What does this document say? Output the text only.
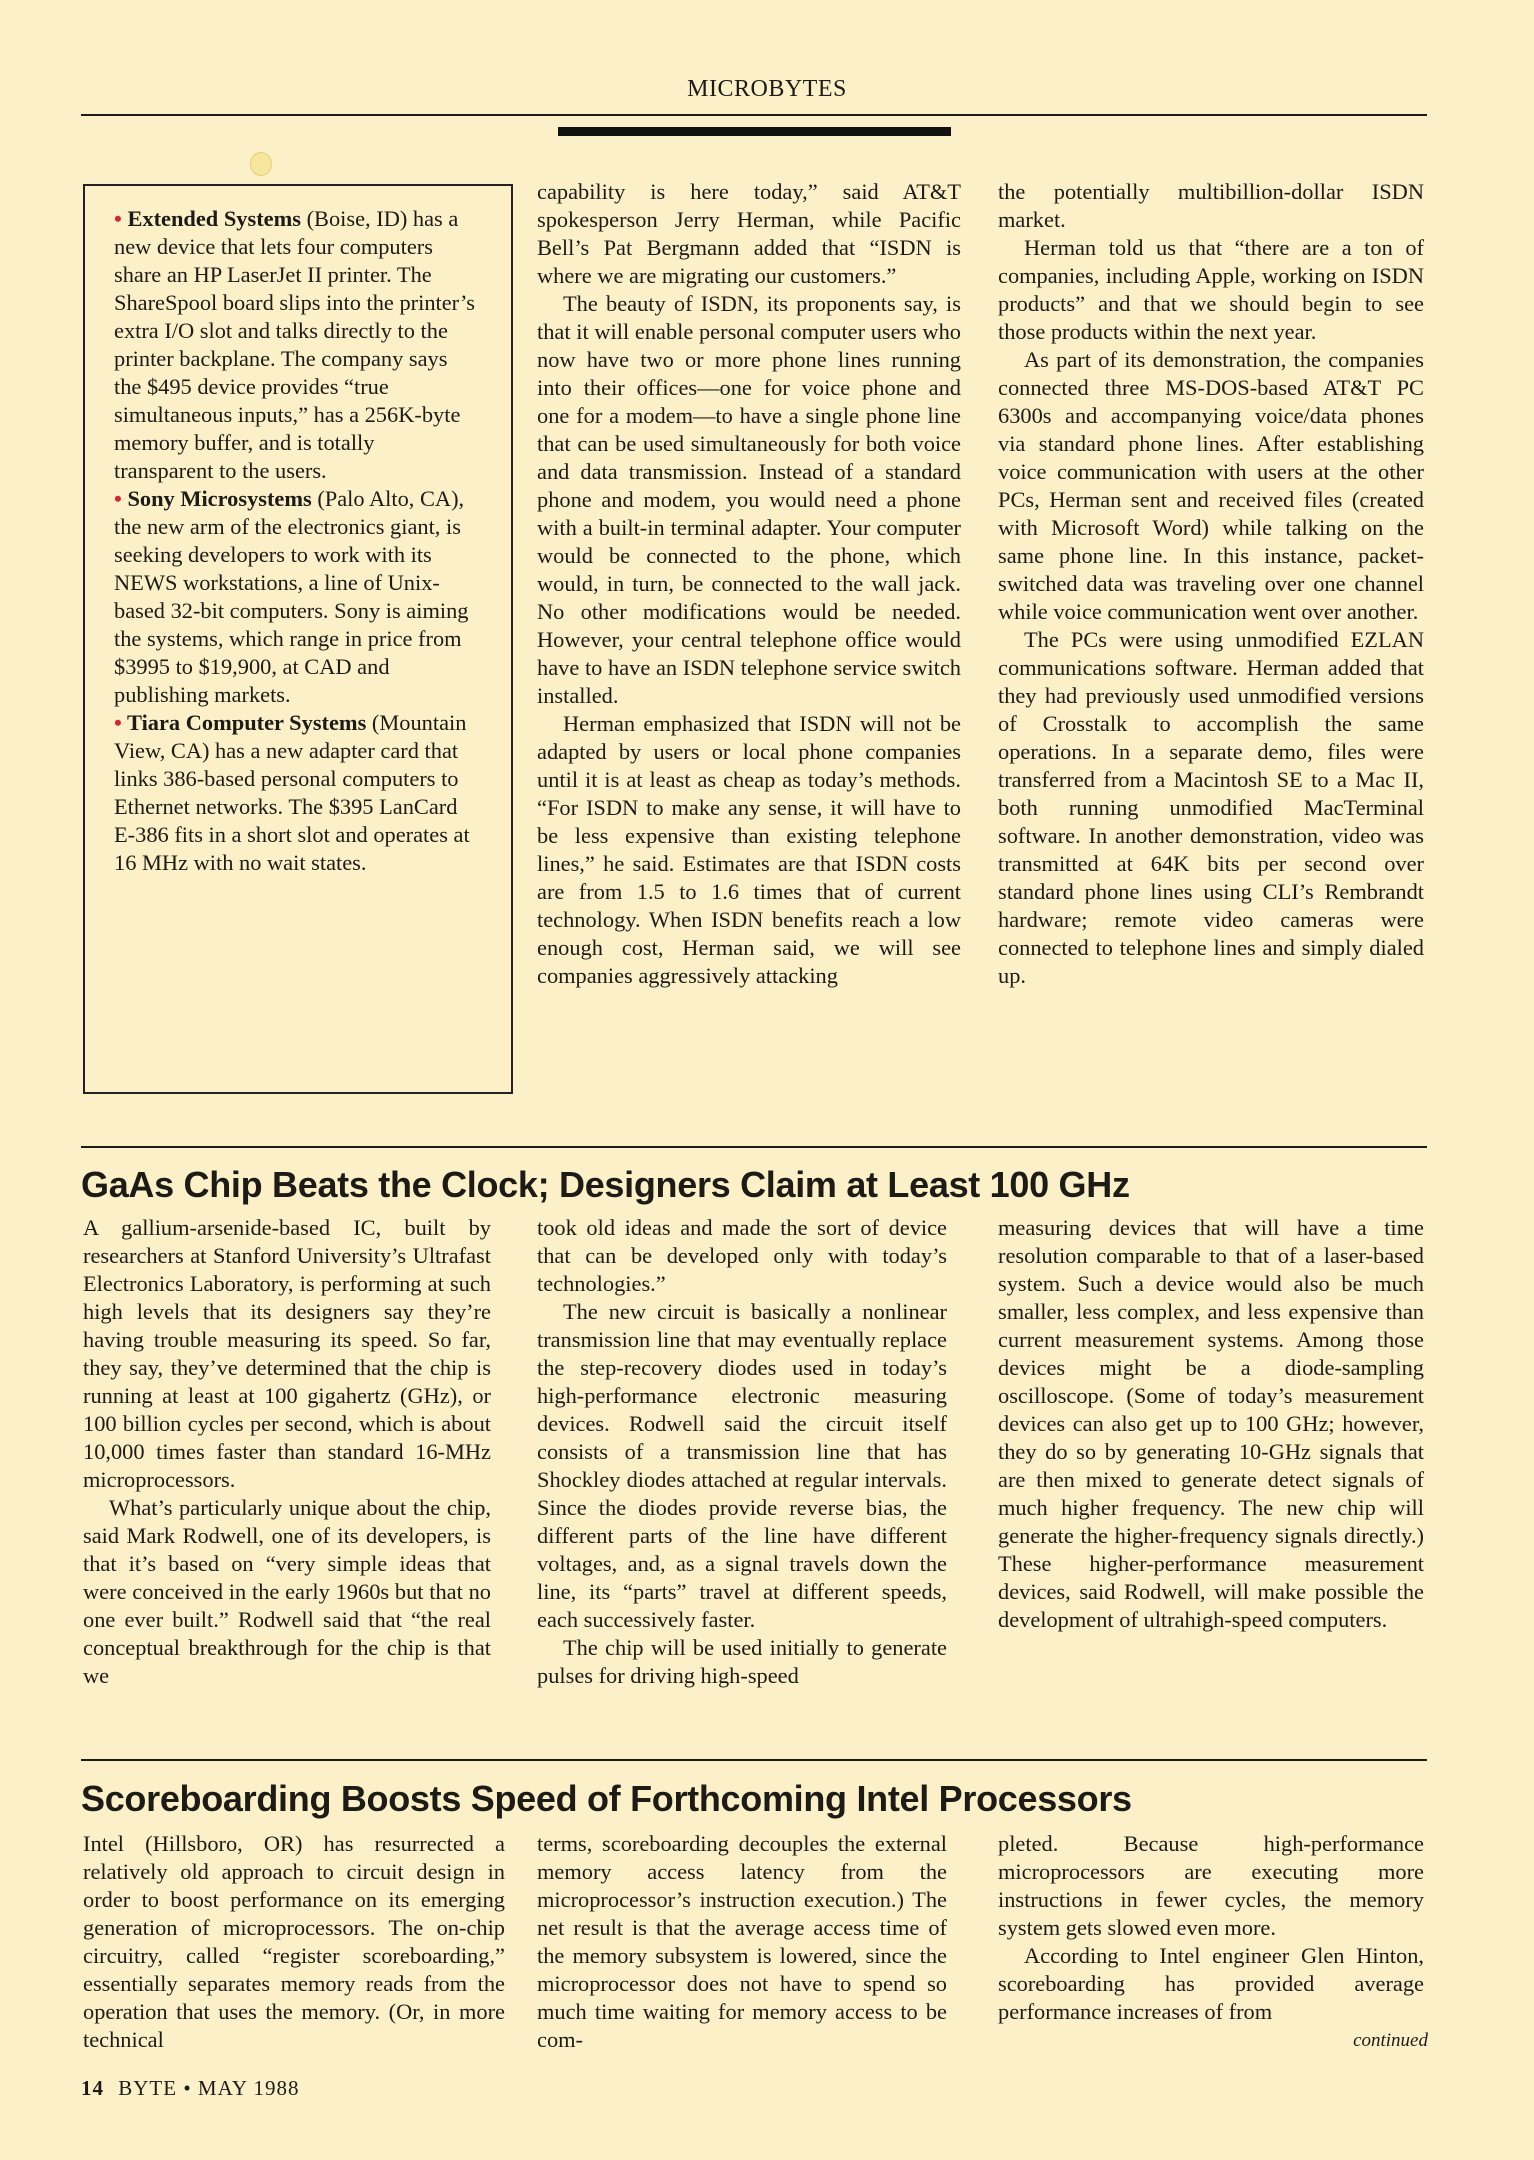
MICROBYTES

• Extended Systems (Boise, ID) has a new device that lets four computers share an HP LaserJet II printer. The ShareSpool board slips into the printer’s extra I/O slot and talks directly to the printer backplane. The company says the $495 device provides “true simultaneous inputs,” has a 256K-byte memory buffer, and is totally transparent to the users.

• Sony Microsystems (Palo Alto, CA), the new arm of the electronics giant, is seeking developers to work with its NEWS workstations, a line of Unix-based 32-bit computers. Sony is aiming the systems, which range in price from $3995 to $19,900, at CAD and publishing markets.

• Tiara Computer Systems (Mountain View, CA) has a new adapter card that links 386-based personal computers to Ethernet networks. The $395 LanCard E-386 fits in a short slot and operates at 16 MHz with no wait states.

capability is here today,” said AT&T spokesperson Jerry Herman, while Pacific Bell’s Pat Bergmann added that “ISDN is where we are migrating our customers.”

The beauty of ISDN, its proponents say, is that it will enable personal computer users who now have two or more phone lines running into their offices—one for voice phone and one for a modem—to have a single phone line that can be used simultaneously for both voice and data transmission. Instead of a standard phone and modem, you would need a phone with a built-in terminal adapter. Your computer would be connected to the phone, which would, in turn, be connected to the wall jack. No other modifications would be needed. However, your central telephone office would have to have an ISDN telephone service switch installed.

Herman emphasized that ISDN will not be adapted by users or local phone companies until it is at least as cheap as today’s methods. “For ISDN to make any sense, it will have to be less expensive than existing telephone lines,” he said. Estimates are that ISDN costs are from 1.5 to 1.6 times that of current technology. When ISDN benefits reach a low enough cost, Herman said, we will see companies aggressively attacking

the potentially multibillion-dollar ISDN market.

Herman told us that “there are a ton of companies, including Apple, working on ISDN products” and that we should begin to see those products within the next year.

As part of its demonstration, the companies connected three MS-DOS-based AT&T PC 6300s and accompanying voice/data phones via standard phone lines. After establishing voice communication with users at the other PCs, Herman sent and received files (created with Microsoft Word) while talking on the same phone line. In this instance, packet-switched data was traveling over one channel while voice communication went over another.

The PCs were using unmodified EZLAN communications software. Herman added that they had previously used unmodified versions of Crosstalk to accomplish the same operations. In a separate demo, files were transferred from a Macintosh SE to a Mac II, both running unmodified MacTerminal software. In another demonstration, video was transmitted at 64K bits per second over standard phone lines using CLI’s Rembrandt hardware; remote video cameras were connected to telephone lines and simply dialed up.

GaAs Chip Beats the Clock; Designers Claim at Least 100 GHz

A gallium-arsenide-based IC, built by researchers at Stanford University’s Ultrafast Electronics Laboratory, is performing at such high levels that its designers say they’re having trouble measuring its speed. So far, they say, they’ve determined that the chip is running at least at 100 gigahertz (GHz), or 100 billion cycles per second, which is about 10,000 times faster than standard 16-MHz microprocessors.

What’s particularly unique about the chip, said Mark Rodwell, one of its developers, is that it’s based on “very simple ideas that were conceived in the early 1960s but that no one ever built.” Rodwell said that “the real conceptual breakthrough for the chip is that we

took old ideas and made the sort of device that can be developed only with today’s technologies.”

The new circuit is basically a nonlinear transmission line that may eventually replace the step-recovery diodes used in today’s high-performance electronic measuring devices. Rodwell said the circuit itself consists of a transmission line that has Shockley diodes attached at regular intervals. Since the diodes provide reverse bias, the different parts of the line have different voltages, and, as a signal travels down the line, its “parts” travel at different speeds, each successively faster.

The chip will be used initially to generate pulses for driving high-speed

measuring devices that will have a time resolution comparable to that of a laser-based system. Such a device would also be much smaller, less complex, and less expensive than current measurement systems. Among those devices might be a diode-sampling oscilloscope. (Some of today’s measurement devices can also get up to 100 GHz; however, they do so by generating 10-GHz signals that are then mixed to generate detect signals of much higher frequency. The new chip will generate the higher-frequency signals directly.) These higher-performance measurement devices, said Rodwell, will make possible the development of ultrahigh-speed computers.

Scoreboarding Boosts Speed of Forthcoming Intel Processors

Intel (Hillsboro, OR) has resurrected a relatively old approach to circuit design in order to boost performance on its emerging generation of microprocessors. The on-chip circuitry, called “register scoreboarding,” essentially separates memory reads from the operation that uses the memory. (Or, in more technical

terms, scoreboarding decouples the external memory access latency from the microprocessor’s instruction execution.) The net result is that the average access time of the memory subsystem is lowered, since the microprocessor does not have to spend so much time waiting for memory access to be com-

pleted. Because high-performance microprocessors are executing more instructions in fewer cycles, the memory system gets slowed even more.

According to Intel engineer Glen Hinton, scoreboarding has provided average performance increases of from

continued
14 BYTE • MAY 1988
